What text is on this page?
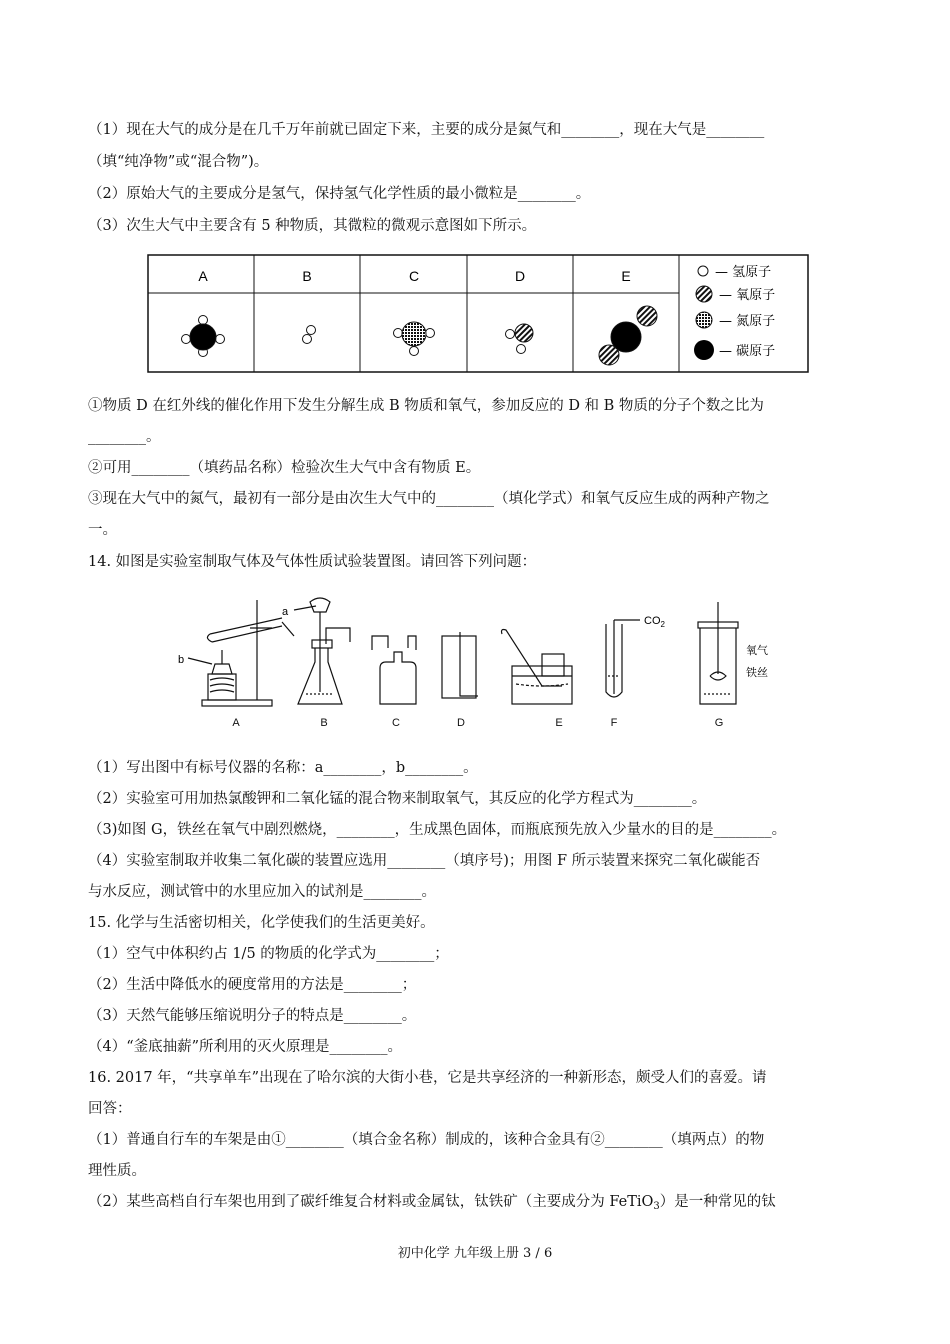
（1）现在大气的成分是在几千万年前就已固定下来，主要的成分是氮气和________，现在大气是________
（填“纯净物”或“混合物”)。
（2）原始大气的主要成分是氢气，保持氢气化学性质的最小微粒是________。
（3）次生大气中主要含有 5 种物质，其微粒的微观示意图如下所示。
①物质 D 在红外线的催化作用下发生分解生成 B 物质和氧气，参加反应的 D 和 B 物质的分子个数之比为
________。
②可用________（填药品名称）检验次生大气中含有物质 E。
③现在大气中的氮气，最初有一部分是由次生大气中的________（填化学式）和氧气反应生成的两种产物之
一。
14. 如图是实验室制取气体及气体性质试验装置图。请回答下列问题：
（1）写出图中有标号仪器的名称：a________，b________。
（2）实验室可用加热氯酸钾和二氧化锰的混合物来制取氧气，其反应的化学方程式为________。
（3)如图 G，铁丝在氧气中剧烈燃烧，________，生成黑色固体，而瓶底预先放入少量水的目的是________。
（4）实验室制取并收集二氧化碳的装置应选用________（填序号)；用图 F 所示装置来探究二氧化碳能否
与水反应，测试管中的水里应加入的试剂是________。
15. 化学与生活密切相关，化学使我们的生活更美好。
（1）空气中体积约占 1/5 的物质的化学式为________；
（2）生活中降低水的硬度常用的方法是________；
（3）天然气能够压缩说明分子的特点是________。
（4）“釜底抽薪”所利用的灭火原理是________。
16. 2017 年，“共享单车”出现在了哈尔滨的大街小巷，它是共享经济的一种新形态，颇受人们的喜爱。请
回答：
（1）普通自行车的车架是由①________（填合金名称）制成的，该种合金具有②________（填两点）的物
理性质。
（2）某些高档自行车架也用到了碳纤维复合材料或金属钛，钛铁矿（主要成分为 FeTiO$_3$）是一种常见的钛
A	B	C	D	E	— 氢原子
— 氧原子
— 氮原子
— 碳原子
a
b
$CO_2$
氧气
铁丝
A	B	C	D	E	F	G
初中化学 九年级上册 3 / 6
